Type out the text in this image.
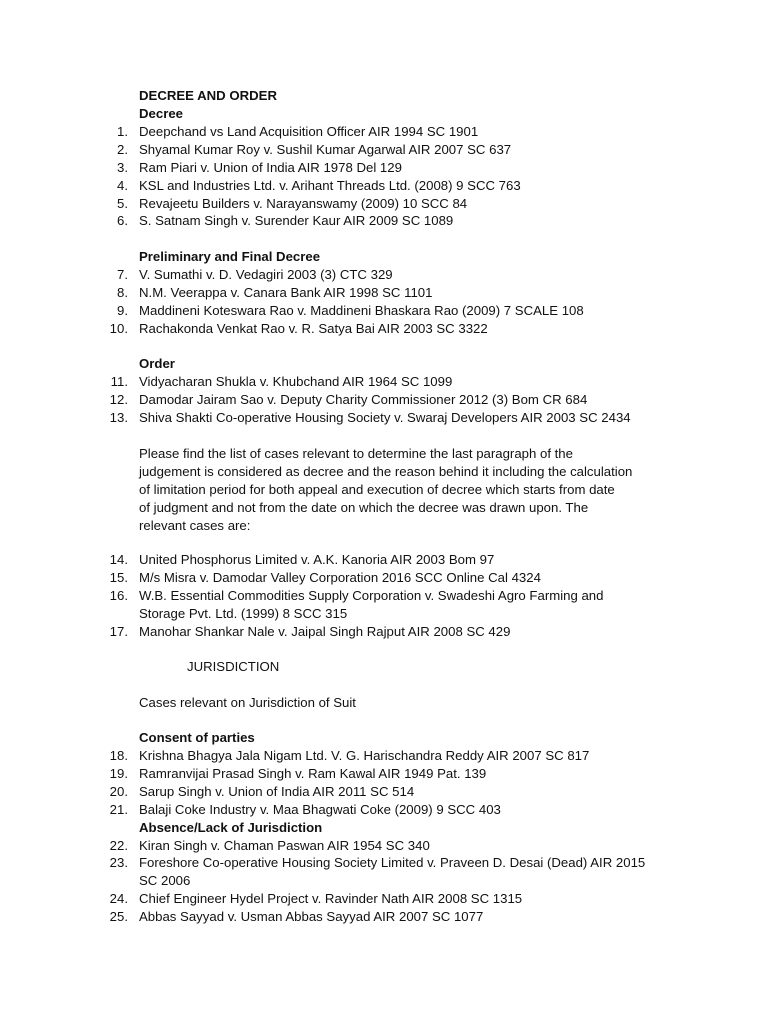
DECREE AND ORDER
Decree
1. Deepchand vs Land Acquisition Officer AIR 1994 SC 1901
2. Shyamal Kumar Roy v. Sushil Kumar Agarwal AIR 2007 SC 637
3. Ram Piari v. Union of India AIR 1978 Del 129
4. KSL and Industries Ltd. v. Arihant Threads Ltd. (2008) 9 SCC 763
5. Revajeetu Builders v. Narayanswamy (2009) 10 SCC 84
6. S. Satnam Singh v. Surender Kaur AIR 2009 SC 1089
Preliminary and Final Decree
7. V. Sumathi v. D. Vedagiri 2003 (3) CTC 329
8. N.M. Veerappa v. Canara Bank AIR 1998 SC 1101
9. Maddineni Koteswara Rao v. Maddineni Bhaskara Rao (2009) 7 SCALE 108
10. Rachakonda Venkat Rao v. R. Satya Bai AIR 2003 SC 3322
Order
11. Vidyacharan Shukla v. Khubchand AIR 1964 SC 1099
12. Damodar Jairam Sao v. Deputy Charity Commissioner 2012 (3) Bom CR 684
13. Shiva Shakti Co-operative Housing Society v. Swaraj Developers AIR 2003 SC 2434
Please find the list of cases relevant to determine the last paragraph of the
judgement is considered as decree and the reason behind it including the calculation
of limitation period for both appeal and execution of decree which starts from date
of judgment and not from the date on which the decree was drawn upon. The
relevant cases are:
14. United Phosphorus Limited v. A.K. Kanoria AIR 2003 Bom 97
15. M/s Misra v. Damodar Valley Corporation 2016 SCC Online Cal 4324
16. W.B. Essential Commodities Supply Corporation v. Swadeshi Agro Farming and
Storage Pvt. Ltd. (1999) 8 SCC 315
17. Manohar Shankar Nale v. Jaipal Singh Rajput AIR 2008 SC 429
JURISDICTION
Cases relevant on Jurisdiction of Suit
Consent of parties
18. Krishna Bhagya Jala Nigam Ltd. V. G. Harischandra Reddy AIR 2007 SC 817
19. Ramranvijai Prasad Singh v. Ram Kawal AIR 1949 Pat. 139
20. Sarup Singh v. Union of India AIR 2011 SC 514
21. Balaji Coke Industry v. Maa Bhagwati Coke (2009) 9 SCC 403
Absence/Lack of Jurisdiction
22. Kiran Singh v. Chaman Paswan AIR 1954 SC 340
23. Foreshore Co-operative Housing Society Limited v. Praveen D. Desai (Dead) AIR 2015
SC 2006
24. Chief Engineer Hydel Project v. Ravinder Nath AIR 2008 SC 1315
25. Abbas Sayyad v. Usman Abbas Sayyad AIR 2007 SC 1077
